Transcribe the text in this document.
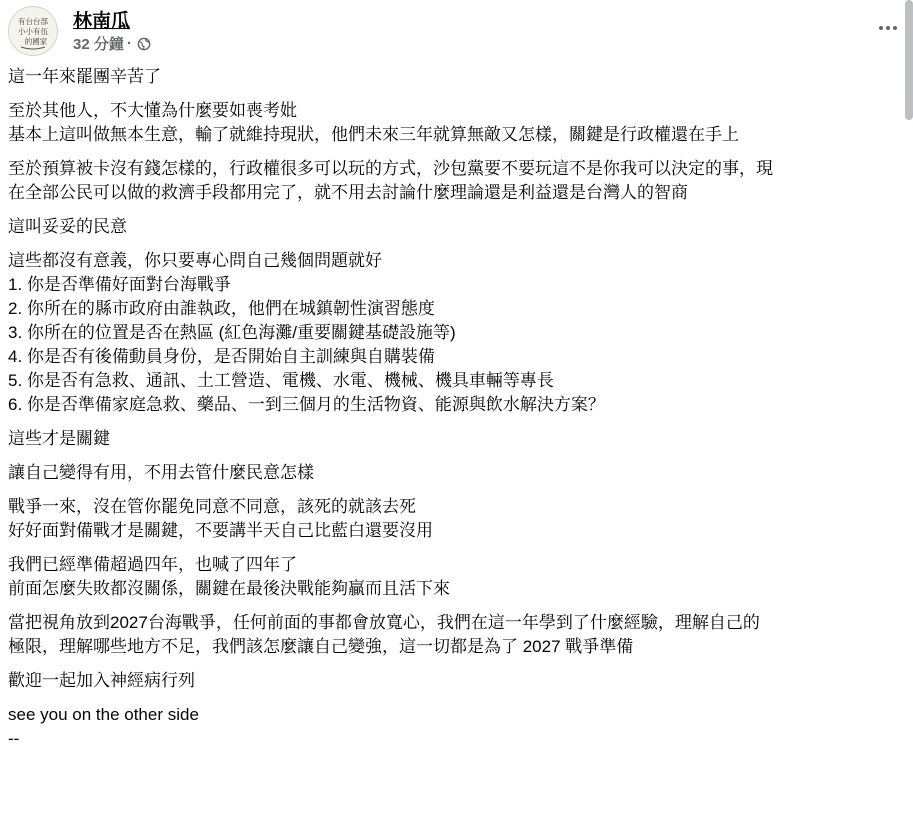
有台台部
小小有伍
的國家
林南瓜
32 分鐘 ·
這一年來罷團辛苦了
至於其他人，不大懂為什麼要如喪考妣
基本上這叫做無本生意，輸了就維持現狀，他們未來三年就算無敵又怎樣，關鍵是行政權還在手上
至於預算被卡沒有錢怎樣的，行政權很多可以玩的方式，沙包黨要不要玩這不是你我可以決定的事，現
在全部公民可以做的救濟手段都用完了，就不用去討論什麼理論還是利益還是台灣人的智商
這叫妥妥的民意
這些都沒有意義，你只要專心問自己幾個問題就好
1. 你是否準備好面對台海戰爭
2. 你所在的縣市政府由誰執政，他們在城鎮韌性演習態度
3. 你所在的位置是否在熱區 (紅色海灘/重要關鍵基礎設施等)
4. 你是否有後備動員身份，是否開始自主訓練與自購裝備
5. 你是否有急救、通訊、土工營造、電機、水電、機械、機具車輛等專長
6. 你是否準備家庭急救、藥品、一到三個月的生活物資、能源與飲水解決方案？
這些才是關鍵
讓自己變得有用，不用去管什麼民意怎樣
戰爭一來，沒在管你罷免同意不同意，該死的就該去死
好好面對備戰才是關鍵，不要講半天自己比藍白還要沒用
我們已經準備超過四年，也喊了四年了
前面怎麼失敗都沒關係，關鍵在最後決戰能夠贏而且活下來
當把視角放到2027台海戰爭，任何前面的事都會放寬心，我們在這一年學到了什麼經驗，理解自己的
極限，理解哪些地方不足，我們該怎麼讓自己變強，這一切都是為了 2027 戰爭準備
歡迎一起加入神經病行列
see you on the other side
--
